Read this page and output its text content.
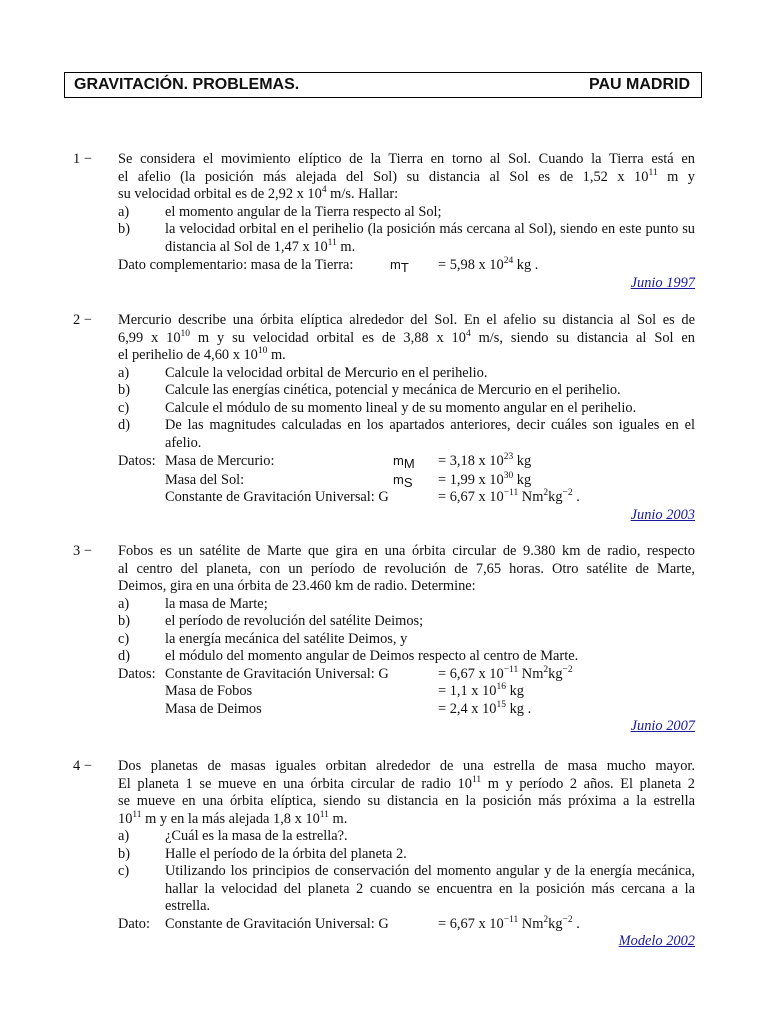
GRAVITACIÓN. PROBLEMAS.	PAU MADRID
1 − Se considera el movimiento elíptico de la Tierra en torno al Sol. Cuando la Tierra está en
el afelio (la posición más alejada del Sol) su distancia al Sol es de 1,52 x $10^{11}$ m y
su velocidad orbital es de 2,92 x $10^4$ m/s. Hallar:
a)	el momento angular de la Tierra respecto al Sol;
b)	la velocidad orbital en el perihelio (la posición más cercana al Sol), siendo en este punto su distancia al Sol de 1,47 x $10^{11}$ m.
Dato complementario: masa de la Tierra:	$m_T = 5,98$ x $10^{24}$ kg .
Junio 1997
2 − Mercurio describe una órbita elíptica alrededor del Sol. En el afelio su distancia al Sol es de
6,99 x $10^{10}$ m y su velocidad orbital es de 3,88 x $10^4$ m/s, siendo su distancia al Sol en
el perihelio de 4,60 x $10^{10}$ m.
a)	Calcule la velocidad orbital de Mercurio en el perihelio.
b)	Calcule las energías cinética, potencial y mecánica de Mercurio en el perihelio.
c)	Calcule el módulo de su momento lineal y de su momento angular en el perihelio.
d)	De las magnitudes calculadas en los apartados anteriores, decir cuáles son iguales en el afelio.
Datos: Masa de Mercurio:	$m_M = 3,18$ x $10^{23}$ kg
Masa del Sol:	$m_S = 1,99$ x $10^{30}$ kg
Constante de Gravitación Universal: G	= 6,67 x $10^{-11}$ $Nm^2kg^{-2}$ .
Junio 2003
3 − Fobos es un satélite de Marte que gira en una órbita circular de 9.380 km de radio, respecto
al centro del planeta, con un período de revolución de 7,65 horas. Otro satélite de Marte,
Deimos, gira en una órbita de 23.460 km de radio. Determine:
a)	la masa de Marte;
b)	el período de revolución del satélite Deimos;
c)	la energía mecánica del satélite Deimos, y
d)	el módulo del momento angular de Deimos respecto al centro de Marte.
Datos: Constante de Gravitación Universal: G	= 6,67 x $10^{-11}$ $Nm^2kg^{-2}$
Masa de Fobos	= 1,1 x $10^{16}$ kg
Masa de Deimos	= 2,4 x $10^{15}$ kg .
Junio 2007
4 − Dos planetas de masas iguales orbitan alrededor de una estrella de masa mucho mayor.
El planeta 1 se mueve en una órbita circular de radio $10^{11}$ m y período 2 años. El planeta 2
se mueve en una órbita elíptica, siendo su distancia en la posición más próxima a la estrella
$10^{11}$ m y en la más alejada 1,8 x $10^{11}$ m.
a)	¿Cuál es la masa de la estrella?.
b)	Halle el período de la órbita del planeta 2.
c)	Utilizando los principios de conservación del momento angular y de la energía mecánica, hallar la velocidad del planeta 2 cuando se encuentra en la posición más cercana a la estrella.
Dato: Constante de Gravitación Universal: G	= 6,67 x $10^{-11}$ $Nm^2kg^{-2}$ .
Modelo 2002
